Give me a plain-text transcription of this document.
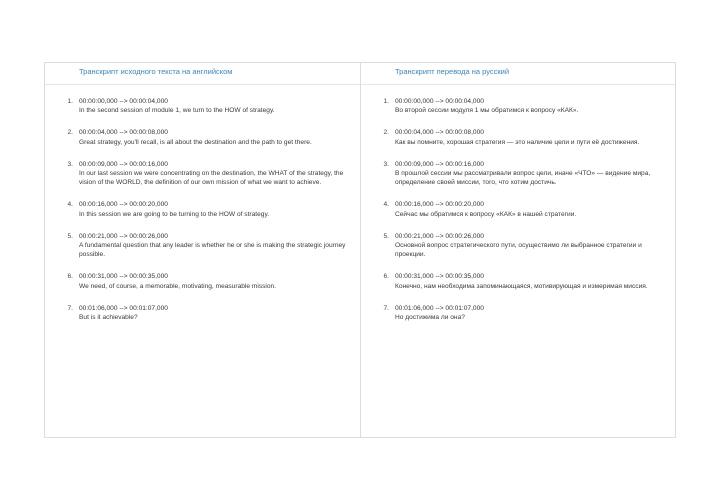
Транскрипт исходного текста на английском
1. 00:00:00,000 --> 00:00:04,000
In the second session of module 1, we turn to the HOW of strategy.
2. 00:00:04,000 --> 00:00:08,000
Great strategy, you'll recall, is all about the destination and the path to get there.
3. 00:00:09,000 --> 00:00:16,000
In our last session we were concentrating on the destination, the WHAT of the strategy, the vision of the WORLD, the definition of our own mission of what we want to achieve.
4. 00:00:16,000 --> 00:00:20,000
In this session we are going to be turning to the HOW of strategy.
5. 00:00:21,000 --> 00:00:26,000
A fundamental question that any leader is whether he or she is making the strategic journey possible.
6. 00:00:31,000 --> 00:00:35,000
We need, of course, a memorable, motivating, measurable mission.
7. 00:01:06,000 --> 00:01:07,000
But is it achievable?
Транскрипт перевода на русский
1. 00:00:00,000 --> 00:00:04,000
Во второй сессии модуля 1 мы обратимся к вопросу «КАК».
2. 00:00:04,000 --> 00:00:08,000
Как вы помните, хорошая стратегия — это наличие цели и пути её достижения.
3. 00:00:09,000 --> 00:00:16,000
В прошлой сессии мы рассматривали вопрос цели, иначе «ЧТО» — видение мира, определение своей миссии, того, что хотим достичь.
4. 00:00:16,000 --> 00:00:20,000
Сейчас мы обратимся к вопросу «КАК» в нашей стратегии.
5. 00:00:21,000 --> 00:00:26,000
Основной вопрос стратегического пути, осуществимо ли выбранное стратегии и проекции.
6. 00:00:31,000 --> 00:00:35,000
Конечно, нам необходима запоминающаяся, мотивирующая и измеримая миссия.
7. 00:01:06,000 --> 00:01:07,000
Но достижима ли она?
